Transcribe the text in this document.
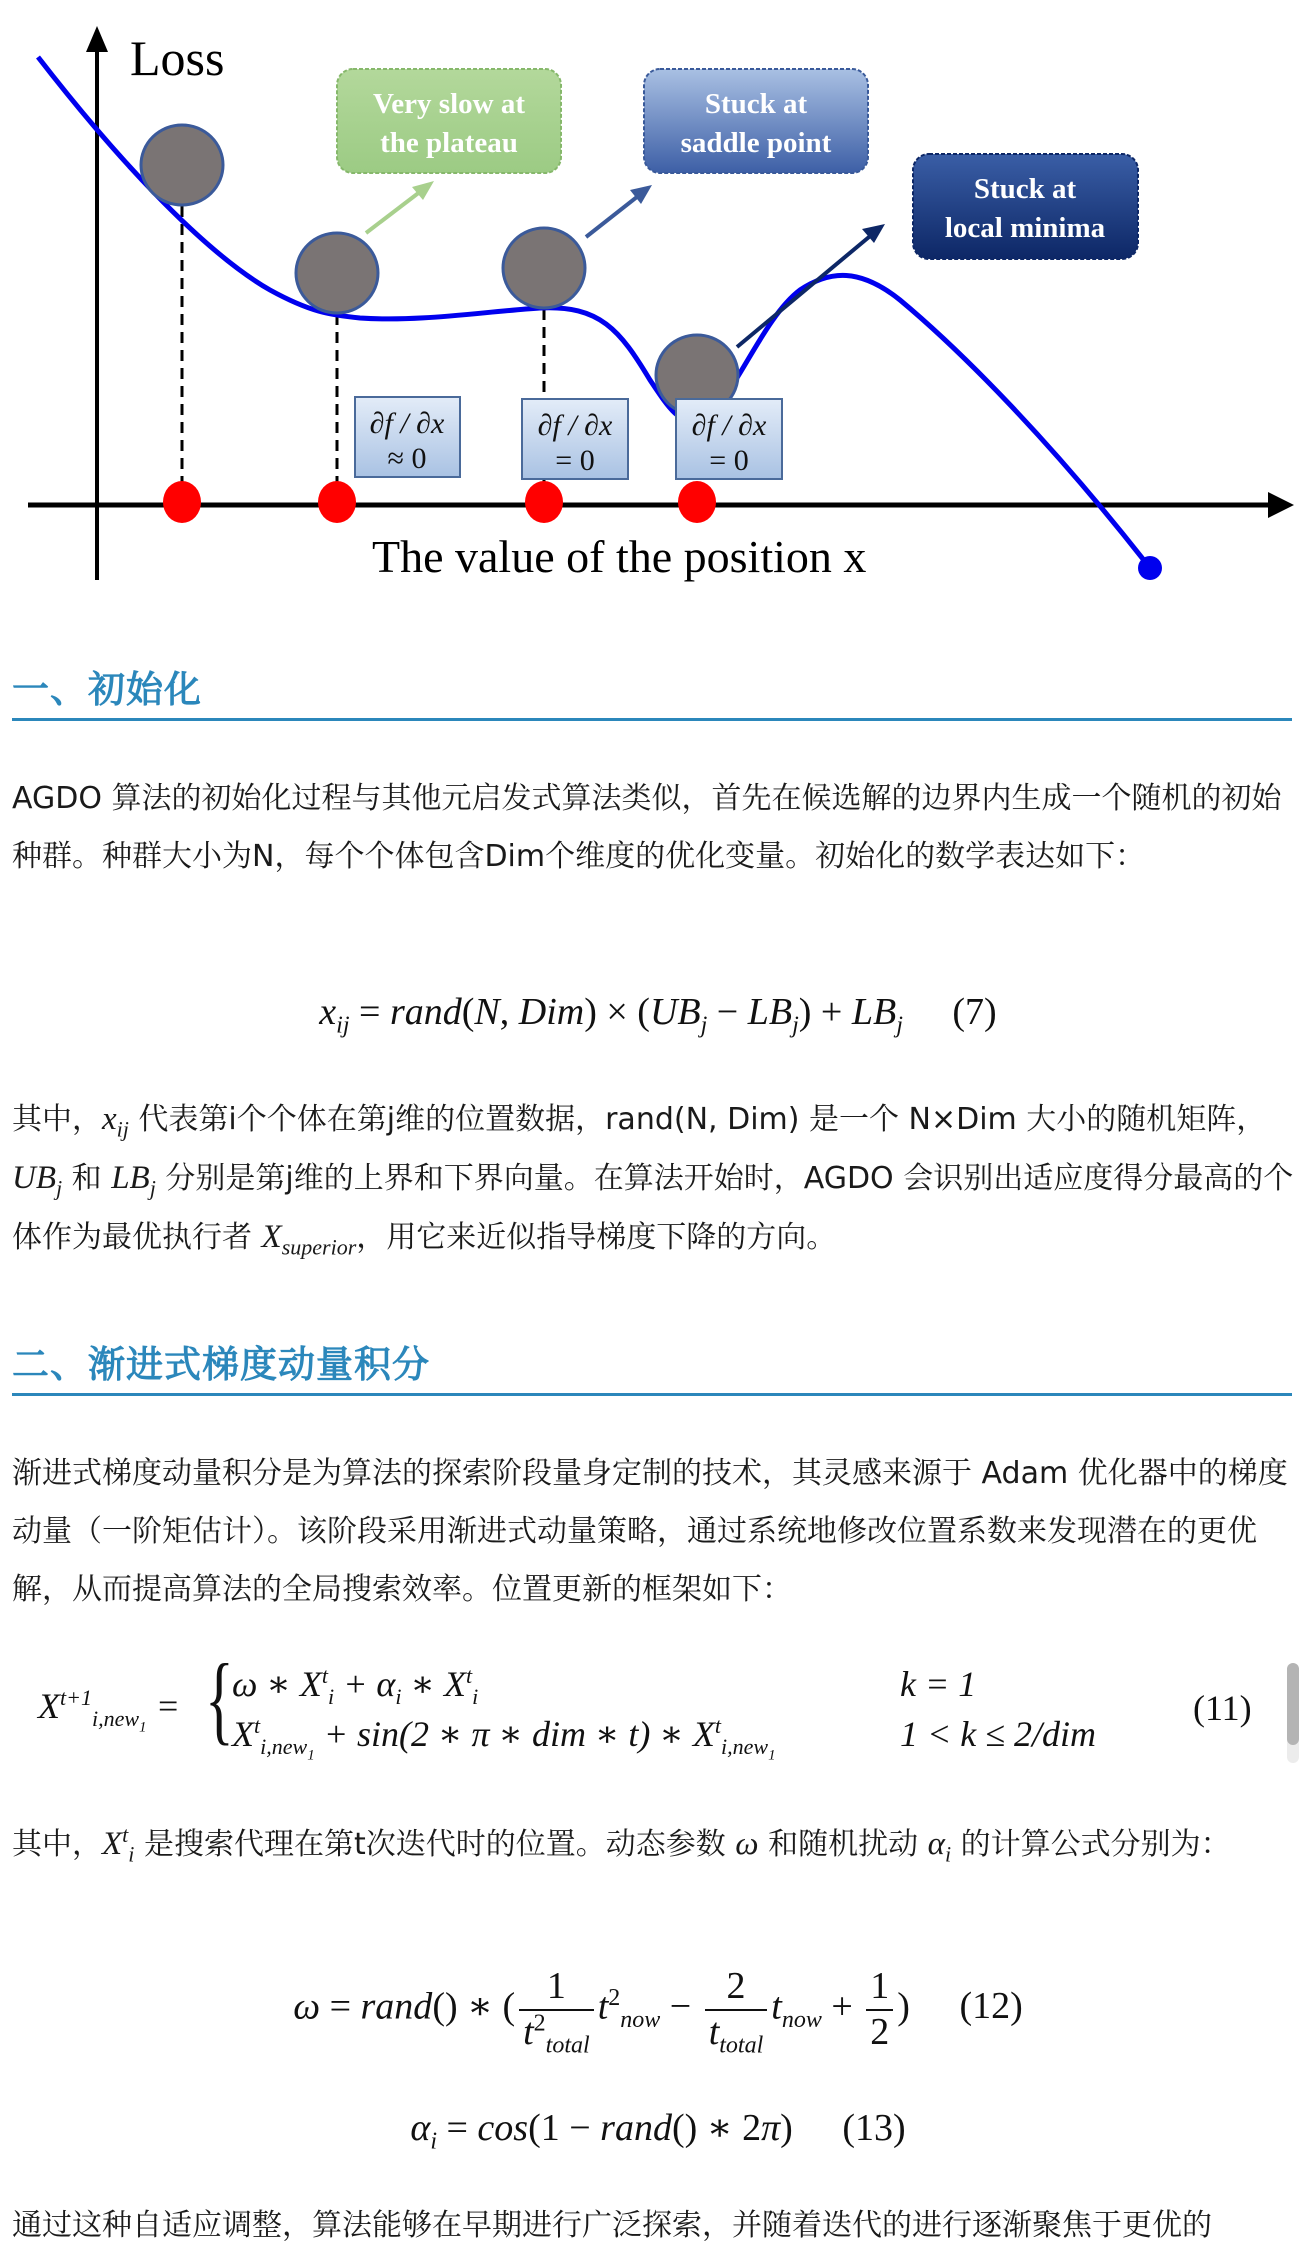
Loss
The value of the position x
Very slow at
the plateau
Stuck at
saddle point
Stuck at
local minima
∂f / ∂x
≈ 0
∂f / ∂x
= 0
∂f / ∂x
= 0
一、初始化
AGDO 算法的初始化过程与其他元启发式算法类似，首先在候选解的边界内生成一个随机的初始种群。种群大小为N，每个个体包含Dim个维度的优化变量。初始化的数学表达如下：
$x_{ij}$ = rand(N, $Dim) \times (UB_j - LB_j) + LB_j$ (7)
其中，$x_{ij}$ 代表第i个个体在第j维的位置数据，rand(N, Dim) 是一个 N×Dim 大小的随机矩阵，$UB_j$ 和 $LB_j$ 分别是第j维的上界和下界向量。在算法开始时，AGDO 会识别出适应度得分最高的个体作为最优执行者 $X_{superior}$，用它来近似指导梯度下降的方向。
二、渐进式梯度动量积分
渐进式梯度动量积分是为算法的探索阶段量身定制的技术，其灵感来源于 Adam 优化器中的梯度动量（一阶矩估计）。该阶段采用渐进式动量策略，通过系统地修改位置系数来发现潜在的更优解，从而提高算法的全局搜索效率。位置更新的框架如下：
$X^{t+1}_{i,new_1}$
= {
ω ∗ $X^t_i + \alpha_i$ ∗ $X^t_i$
$X^t_{i,new_1} + \sin(2$ ∗ π ∗ dim ∗ t) ∗ $X^t_{i,new_1}$
k = 1
1 < k ≤ 2/dim
(11)
其中，$X^t_i$ 是搜索代理在第t次迭代时的位置。动态参数 ω 和随机扰动 $\alpha_i$ 的计算公式分别为：
ω = rand() ∗ ( $\frac{1}{t^2_{total}} t^2_{now} - \frac{2}{t_{total}} t_{now} + \frac{1}{2}$ ) (12)
$\alpha_i = \cos(1$ − rand() ∗ 2π) (13)
通过这种自适应调整，算法能够在早期进行广泛探索，并随着迭代的进行逐渐聚焦于更优的
